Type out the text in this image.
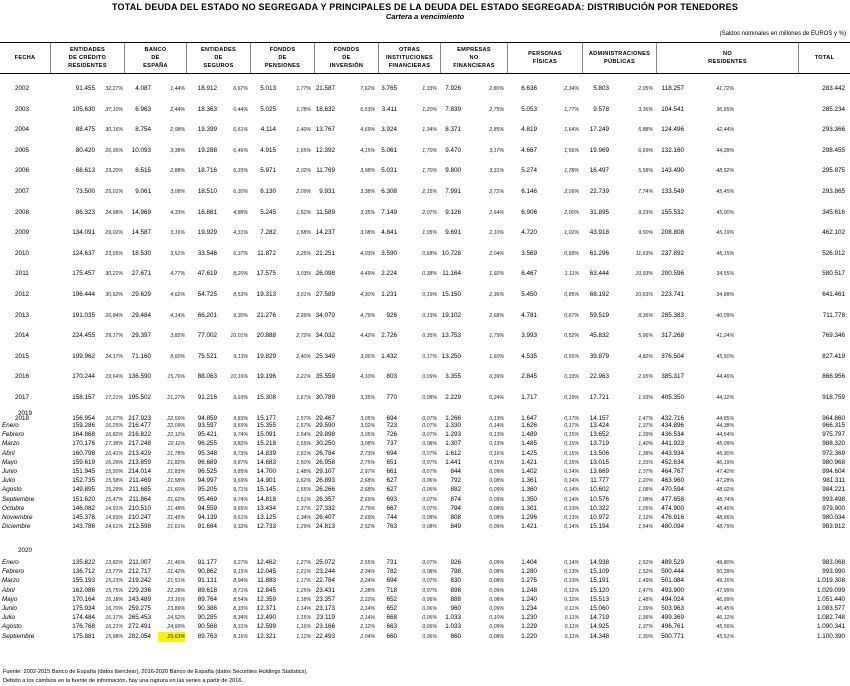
TOTAL DEUDA DEL ESTADO NO SEGREGADA Y PRINCIPALES DE LA DEUDA DEL ESTADO SEGREGADA: DISTRIBUCIÓN POR TENEDORES
Cartera a vencimiento
(Saldos nominales en millones de EUROS y %)
FECHA
ENTIDADES
DE CRÉDITO
RESIDENTES
BANCO
DE
ESPAÑA
ENTIDADES
DE
SEGUROS
FONDOS
DE
PENSIONES
FONDOS
DE
INVERSIÓN
OTRAS
INSTITUCIONES
FINANCIERAS
EMPRESAS
NO
FINANCIERAS
PERSONAS
FÍSICAS
ADMINISTRACIONES
PÚBLICAS
NO
RESIDENTES
TOTAL
2002	91.455	32,27%	4.087	1,44%	18.912	6,67%	5.013	1,77% 21.587	7,62% 3.765	1,33%	7.926	2,80%	6.636	2,34%	5.803	2,05%	118.257	41,72%	283.442
2003	105.630	37,10%	6.963	2,44%	18.363	6,44%	5.025	1,78% 18.632	6,53%	3.411	1,20%	7.839	2,75%	5.053	1,77%	9.578	3,36%	104.541	36,65%	285.234
2004	88.475	30,16%	8.754	2,98%	19.399	6,61%	4.114	1,40% 13.767	4,69% 3.924	1,34%	8.371	2,85%	4.819	1,64%	17.249	5,88%	124.496	42,44%	293.366
2005	80.420	26,95%	10.093	3,38%	19.288	6,46%	4.915	1,65% 12.392	4,15% 5.061	1,70%	9.470	3,17%	4.667	1,56%	19.969	6,69%	132.160	44,28%	298.455
2006	68.613	23,20%	8.515	2,88%	18.716	6,33%	5.971	2,02% 11.769	3,98% 5.031	1,70%	9.800	3,31%	5.274	1,78%	16.497	5,58%	143.490	48,52%	295.875
2007	73.500	25,01%	9.061	3,08%	18.510	6,30%	6.130	2,09%	9.931	3,38% 6.308	2,15%	7.991	2,72%	6.146	2,09%	22.739	7,74%	133.549	45,45%	293.865
2008	86.323	24,98%	14.969	4,33%	16.881	4,88%	5.245	1,52% 11.589	3,35% 7.149	2,07%	9.126	2,64%	6.906	2,00%	31.895	9,23%	155.532	45,00%	345.616
2009	134.091	29,02%	14.587	3,16%	19.929	4,31%	7.282	1,58% 14.237	3,08% 4.841	1,05%	9.691	2,10%	4.720	1,02%	43.918	9,50%	208.808	45,19%	462.102
2010	124.637	23,65%	18.530	3,52%	33.546	6,37%	11.872	2,25% 21.251	4,03% 3.590	0,68% 10.728	2,04%	3.569	0,68%	61.296	11,63%	237.892	45,15%	526.912
2011	175.457	30,22%	27.671	4,77%	47.619	8,20%	17.575	3,03% 26.098	4,49% 2.224	0,38% 11.164	1,92%	6.467	1,11%	63.444	10,93%	200.596	34,55%	580.517
2012	196.444	30,62%	29.629	4,62%	54.725	8,53%	19.313	3,01% 27.589	4,30% 1.231	0,19% 15.150	2,36%	5.450	0,85%	68.192	10,63%	223.741	34,88%	641.461
2013	191.035	26,84%	29.484	4,14%	66.201	9,30%	21.276	2,99% 34.070	4,79%	926	0,13% 19.102	2,68%	4.781	0,67%	59.519	8,36%	285.383	40,09%	711.778
2014	224.455	29,17%	29.397	3,82%	77.002	10,01%	20.888	2,72% 34.032	4,42% 2.726	0,35% 13.753	1,79%	3.993	0,52%	45.832	5,96%	317.268	41,24%	769.346
2015	199.962	24,17%	71.160	8,60%	75.521	9,13%	19.829	2,40% 25.349	3,06% 1.432	0,17% 13.250	1,60%	4.535	0,55%	39.879	4,82%	376.504	45,50%	827.419
2016	170.244	19,64% 136.590	15,76%	88.063	10,16%	19.196	2,21% 35.559	4,10%	803	0,09%	3.355	0,39%	2.845	0,33%	22.963	2,65%	385.317	44,46%	866.956
2017	158.157	17,21% 195.502	21,27%	91.216	9,93%	15.308	1,67% 30.789	3,35%	770	0,08%	2.229	0,24%	1.717	0,19%	17.721	1,93%	405.350	44,12%	918.759
2018	156.954	16,27% 217.923	22,59%	94.859	9,83%	15.177	1,57% 29.467	3,05%	694	0,07%	1.266	0,13%	1.647	0,17%	14.157	1,47%	432.716	44,85%	964.860
2019
Enero	159.286	16,25% 216.477	22,09%	93.597	9,55%	15.355	1,57% 29.590	3,02%	723	0,07%	1.330	0,14%	1.626	0,17%	13.424	1,37%	434.896	44,38%	966.315
Febrero	164.868	16,82% 216.822	22,12%	95.421	9,74%	15.091	1,54% 29.898	3,05%	726	0,07%	1.293	0,13%	1.489	0,15%	13.652	1,39%	436.534	44,54%	975.797
Marzo	170.176	17,38% 217.248	22,11%	96.255	9,82%	15.218	1,55% 30.250	3,08%	737	0,08%	1.307	0,13%	1.485	0,15%	13.719	1,40%	441.923	45,09%	988.320
Abril	160.798	16,41% 213.429	21,78%	95.348	9,73%	14.839	1,51% 26.784	2,73%	694	0,07%	1.612	0,16%	1.425	0,15%	13.506	1,38%	443.934	45,30%	972.369
Mayo	159.619	16,29% 213.859	21,82%	96.689	9,87%	14.683	1,50% 26.958	2,75%	651	0,07%	1.441	0,15%	1.421	0,15%	13.015	1,33%	452.634	46,19%	980.968
Junio	151.945	15,50% 214.014	21,83%	96.525	9,85%	14.700	1,48% 29.107	2,97%	661	0,07%	844	0,09%	1.402	0,14%	13.669	1,37%	464.767	47,42%	994.604
Julio	152.735	15,58% 211.469	21,58%	94.997	9,69%	14.901	1,52% 26.893	2,68%	627	0,06%	792	0,08%	1.361	0,14%	11.777	1,20%	463.960	47,28%	981.311
Agosto	149.895	15,29% 211.685	21,60%	95.205	9,71%	15.145	1,55% 26.266	2,68%	627	0,06%	882	0,09%	1.360	0,14%	10.602	1,08%	470.594	48,02%	984.221
Septiembre	151.620	15,47% 211.864	21,62%	95.469	9,74%	14.818	1,51% 26.357	2,69%	693	0,07%	874	0,09%	1.350	0,14%	10.576	1,08%	477.658	48,74%	993.498
Octubre	146.082	14,91% 210.510	21,48%	94.559	9,65%	13.434	1,37% 27.332	2,79%	667	0,07%	794	0,08%	1.301	0,13%	10.322	1,05%	474.900	48,46%	979.900
Noviembre	145.378	14,83% 210.247	21,45%	94.139	9,61%	13.125	1,34% 26.407	2,69%	744	0,08%	808	0,08%	1.296	0,13%	10.972	1,12%	476.916	48,66%	980.034
Diciembre	143.786	14,61% 212.598	21,61%	91.684	9,32%	12.733	1,29% 24.813	2,52%	763	0,08%	849	0,09%	1.421	0,14%	15.194	1,54%	480.094	48,79%	983.912
2020
Enero	135.822	13,82% 211.007	21,46%	91.177	9,27%	12.462	1,27% 25.072	2,55%	731	0,07%	926	0,09%	1.404	0,14%	14.938	1,52%	489.529	49,80%	983.068
Febrero	136.712	13,77% 212.717	21,42%	90.862	9,15%	12.045	1,21% 23.244	2,34%	782	0,08%	798	0,08%	1.280	0,13%	15.109	1,52%	500.444	50,39%	993.990
Marzo	155.193	15,23% 219.242	21,51%	91.131	8,94%	11.883	1,17% 22.784	2,24%	694	0,07%	830	0,08%	1.275	0,13%	15.191	1,49%	501.084	49,16%	1.019.308
Abril	162.086	15,75% 229.236	22,28%	89.618	8,71%	12.845	1,25% 23.431	2,28%	718	0,07%	898	0,09%	1.248	0,12%	15.120	1,47%	493.900	47,99%	1.029.099
Mayo	170.164	16,18% 243.489	23,16%	89.764	8,54%	12.359	1,18% 23.357	2,22%	652	0,06%	888	0,08%	1.240	0,12%	15.513	1,48%	494.024	46,99%	1.051.440
Junio	175.934	16,70% 259.275	23,89%	90.386	8,33%	12.371	1,14% 23.173	2,14%	652	0,06%	960	0,09%	1.234	0,11%	15.060	1,39%	503.963	46,45%	1.083.577
Julio	174.484	16,17% 265.453	24,52%	90.285	8,34%	12.490	1,15% 23.119	2,14%	668	0,06%	1.033	0,10%	1.230	0,11%	14.719	1,36%	499.369	46,12%	1.082.748
Agosto	176.768	16,21% 272.491	24,99%	90.568	8,31%	12.599	1,16% 23.166	2,12%	663	0,06%	1.033	0,09%	1.229	0,11%	14.925	1,37%	496.761	45,56%	1.090.341
Septiembre	175.881	15,98% 282.054	25,63%	89.763	8,16%	12.321	1,12% 22.493	2,04%	660	0,06%	860	0,08%	1.220	0,11%	14.348	1,30%	500.771	45,51%	1.100.390
Fuente: 2002-2015 Banco de España (datos Iberclear), 2016-2020 Banco de España (datos Securities Holdings Statistics).
Debido a los cambios en la fuente de información, hay una ruptura en las series a partir de 2016.
